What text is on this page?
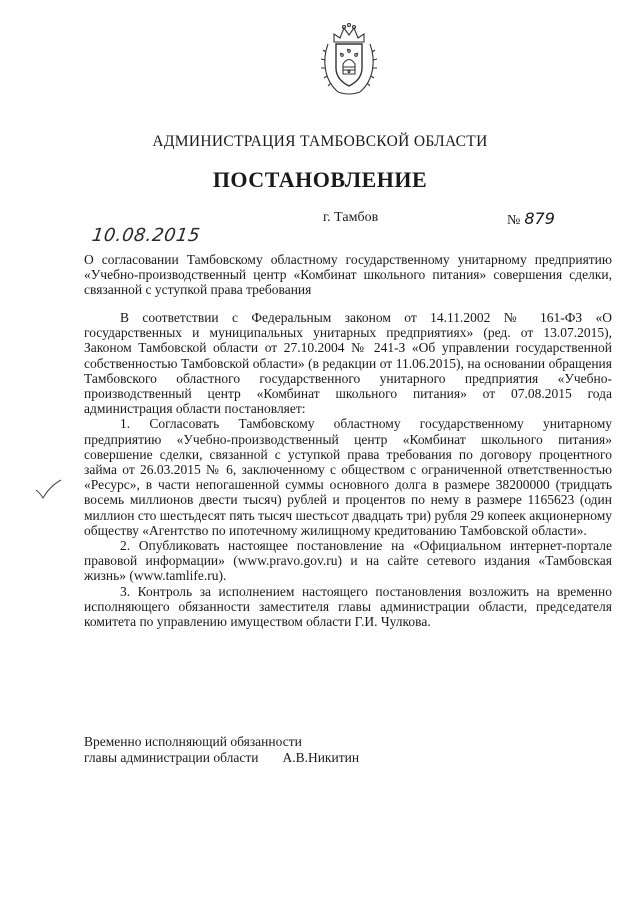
АДМИНИСТРАЦИЯ ТАМБОВСКОЙ ОБЛАСТИ
ПОСТАНОВЛЕНИЕ
10.08.2015
г. Тамбов	№ 879
О согласовании Тамбовскому областному государственному унитарному предприятию «Учебно-производственный центр «Комбинат школьного питания» совершения сделки, связанной с уступкой права требования

В соответствии с Федеральным законом от 14.11.2002 № 161-ФЗ «О государственных и муниципальных унитарных предприятиях» (ред. от 13.07.2015), Законом Тамбовской области от 27.10.2004 № 241-З «Об управлении государственной собственностью Тамбовской области» (в редакции от 11.06.2015), на основании обращения Тамбовского областного государственного унитарного предприятия «Учебно-производственный центр «Комбинат школьного питания» от 07.08.2015 года администрация области постановляет:

1. Согласовать Тамбовскому областному государственному унитарному предприятию «Учебно-производственный центр «Комбинат школьного питания» совершение сделки, связанной с уступкой права требования по договору процентного займа от 26.03.2015 № 6, заключенному с обществом с ограниченной ответственностью «Ресурс», в части непогашенной суммы основного долга в размере 38200000 (тридцать восемь миллионов двести тысяч) рублей и процентов по нему в размере 1165623 (один миллион сто шестьдесят пять тысяч шестьсот двадцать три) рубля 29 копеек акционерному обществу «Агентство по ипотечному жилищному кредитованию Тамбовской области».

2. Опубликовать настоящее постановление на «Официальном интернет-портале правовой информации» (www.pravo.gov.ru) и на сайте сетевого издания «Тамбовская жизнь» (www.tamlife.ru).

3. Контроль за исполнением настоящего постановления возложить на временно исполняющего обязанности заместителя главы администрации области, председателя комитета по управлению имуществом области Г.И. Чулкова.

Временно исполняющий обязанности
главы администрации области А.В.Никитин
